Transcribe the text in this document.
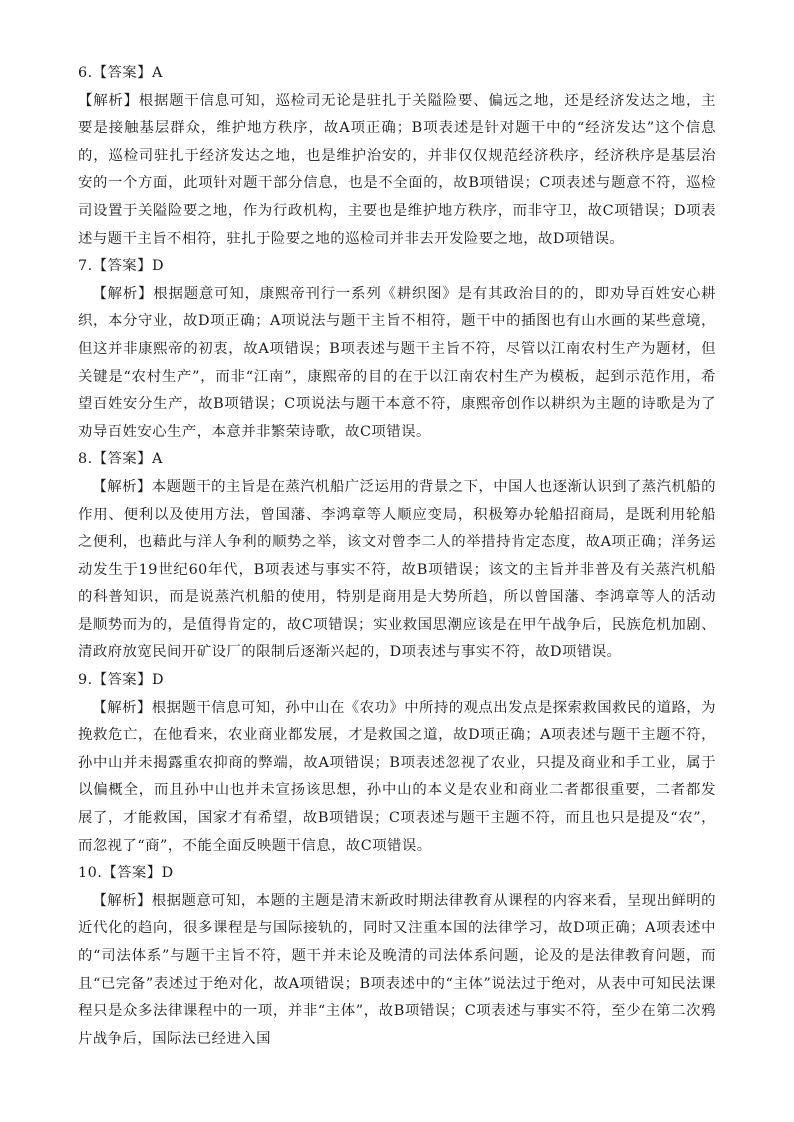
6.【答案】A

【解析】根据题干信息可知，巡检司无论是驻扎于关隘险要、偏远之地，还是经济发达之地，主要是接触基层群众，维护地方秩序，故A项正确；B项表述是针对题干中的“经济发达”这个信息的，巡检司驻扎于经济发达之地，也是维护治安的，并非仅仅规范经济秩序，经济秩序是基层治安的一个方面，此项针对题干部分信息，也是不全面的，故B项错误；C项表述与题意不符，巡检司设置于关隘险要之地，作为行政机构，主要也是维护地方秩序，而非守卫，故C项错误；D项表述与题干主旨不相符，驻扎于险要之地的巡检司并非去开发险要之地，故D项错误。

7.【答案】D

【解析】根据题意可知，康熙帝刊行一系列《耕织图》是有其政治目的的，即劝导百姓安心耕织，本分守业，故D项正确；A项说法与题干主旨不相符，题干中的插图也有山水画的某些意境，但这并非康熙帝的初衷，故A项错误；B项表述与题干主旨不符，尽管以江南农村生产为题材，但关键是“农村生产”，而非“江南”，康熙帝的目的在于以江南农村生产为模板，起到示范作用，希望百姓安分生产，故B项错误；C项说法与题干本意不符，康熙帝创作以耕织为主题的诗歌是为了劝导百姓安心生产，本意并非繁荣诗歌，故C项错误。

8.【答案】A

【解析】本题题干的主旨是在蒸汽机船广泛运用的背景之下，中国人也逐渐认识到了蒸汽机船的作用、便利以及使用方法，曾国藩、李鸿章等人顺应变局，积极筹办轮船招商局，是既利用轮船之便利，也藉此与洋人争利的顺势之举，该文对曾李二人的举措持肯定态度，故A项正确；洋务运动发生于19世纪60年代，B项表述与事实不符，故B项错误；该文的主旨并非普及有关蒸汽机船的科普知识，而是说蒸汽机船的使用，特别是商用是大势所趋，所以曾国藩、李鸿章等人的活动是顺势而为的，是值得肯定的，故C项错误；实业救国思潮应该是在甲午战争后，民族危机加剧、清政府放宽民间开矿设厂的限制后逐渐兴起的，D项表述与事实不符，故D项错误。

9.【答案】D

【解析】根据题干信息可知，孙中山在《农功》中所持的观点出发点是探索救国救民的道路，为挽救危亡，在他看来，农业商业都发展，才是救国之道，故D项正确；A项表述与题干主题不符，孙中山并未揭露重农抑商的弊端，故A项错误；B项表述忽视了农业，只提及商业和手工业，属于以偏概全，而且孙中山也并未宣扬该思想，孙中山的本义是农业和商业二者都很重要，二者都发展了，才能救国，国家才有希望，故B项错误；C项表述与题干主题不符，而且也只是提及“农”，而忽视了“商”，不能全面反映题干信息，故C项错误。

10.【答案】D

【解析】根据题意可知，本题的主题是清末新政时期法律教育从课程的内容来看，呈现出鲜明的近代化的趋向，很多课程是与国际接轨的，同时又注重本国的法律学习，故D项正确；A项表述中的“司法体系”与题干主旨不符，题干并未论及晚清的司法体系问题，论及的是法律教育问题，而且“已完备”表述过于绝对化，故A项错误；B项表述中的“主体”说法过于绝对，从表中可知民法课程只是众多法律课程中的一项，并非“主体”，故B项错误；C项表述与事实不符，至少在第二次鸦片战争后，国际法已经进入国
